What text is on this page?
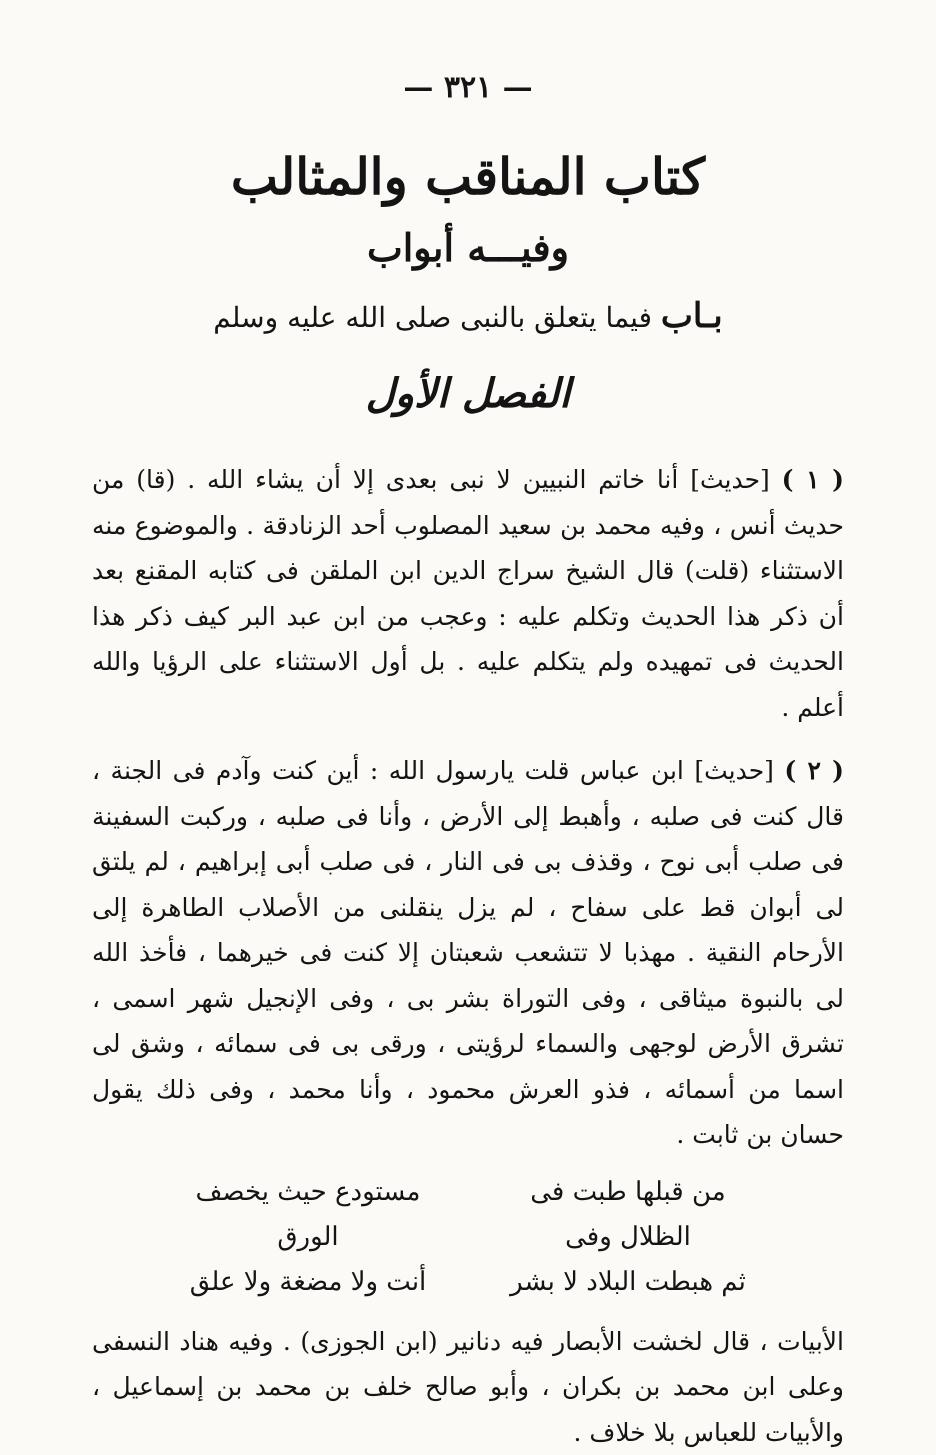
— ٣٢١ —
كتاب المناقب والمثالب
وفيـــه أبواب
بـاب فيما يتعلق بالنبى صلى الله عليه وسلم
الفصل الأول

( ١ ) [حديث] أنا خاتم النبيين لا نبى بعدى إلا أن يشاء الله . (قا) من حديث أنس ، وفيه محمد بن سعيد المصلوب أحد الزنادقة . والموضوع منه الاستثناء (قلت) قال الشيخ سراج الدين ابن الملقن فى كتابه المقنع بعد أن ذكر هذا الحديث وتكلم عليه : وعجب من ابن عبد البر كيف ذكر هذا الحديث فى تمهيده ولم يتكلم عليه . بل أول الاستثناء على الرؤيا والله أعلم .

( ٢ ) [حديث] ابن عباس قلت يارسول الله : أين كنت وآدم فى الجنة ، قال كنت فى صلبه ، وأهبط إلى الأرض ، وأنا فى صلبه ، وركبت السفينة فى صلب أبى نوح ، وقذف بى فى النار ، فى صلب أبى إبراهيم ، لم يلتق لى أبوان قط على سفاح ، لم يزل ينقلنى من الأصلاب الطاهرة إلى الأرحام النقية . مهذبا لا تتشعب شعبتان إلا كنت فى خيرهما ، فأخذ الله لى بالنبوة ميثاقى ، وفى التوراة بشر بى ، وفى الإنجيل شهر اسمى ، تشرق الأرض لوجهى والسماء لرؤيتى ، ورقى بى فى سمائه ، وشق لى اسما من أسمائه ، فذو العرش محمود ، وأنا محمد ، وفى ذلك يقول حسان بن ثابت .

من قبلها طبت فى الظلال وفى
مستودع حيث يخصف الورق
ثم هبطت البلاد لا بشر
أنت ولا مضغة ولا علق

الأبيات ، قال لخشت الأبصار فيه دنانير (ابن الجوزى) . وفيه هناد النسفى وعلى ابن محمد بن بكران ، وأبو صالح خلف بن محمد بن إسماعيل ، والأبيات للعباس بلا خلاف .
